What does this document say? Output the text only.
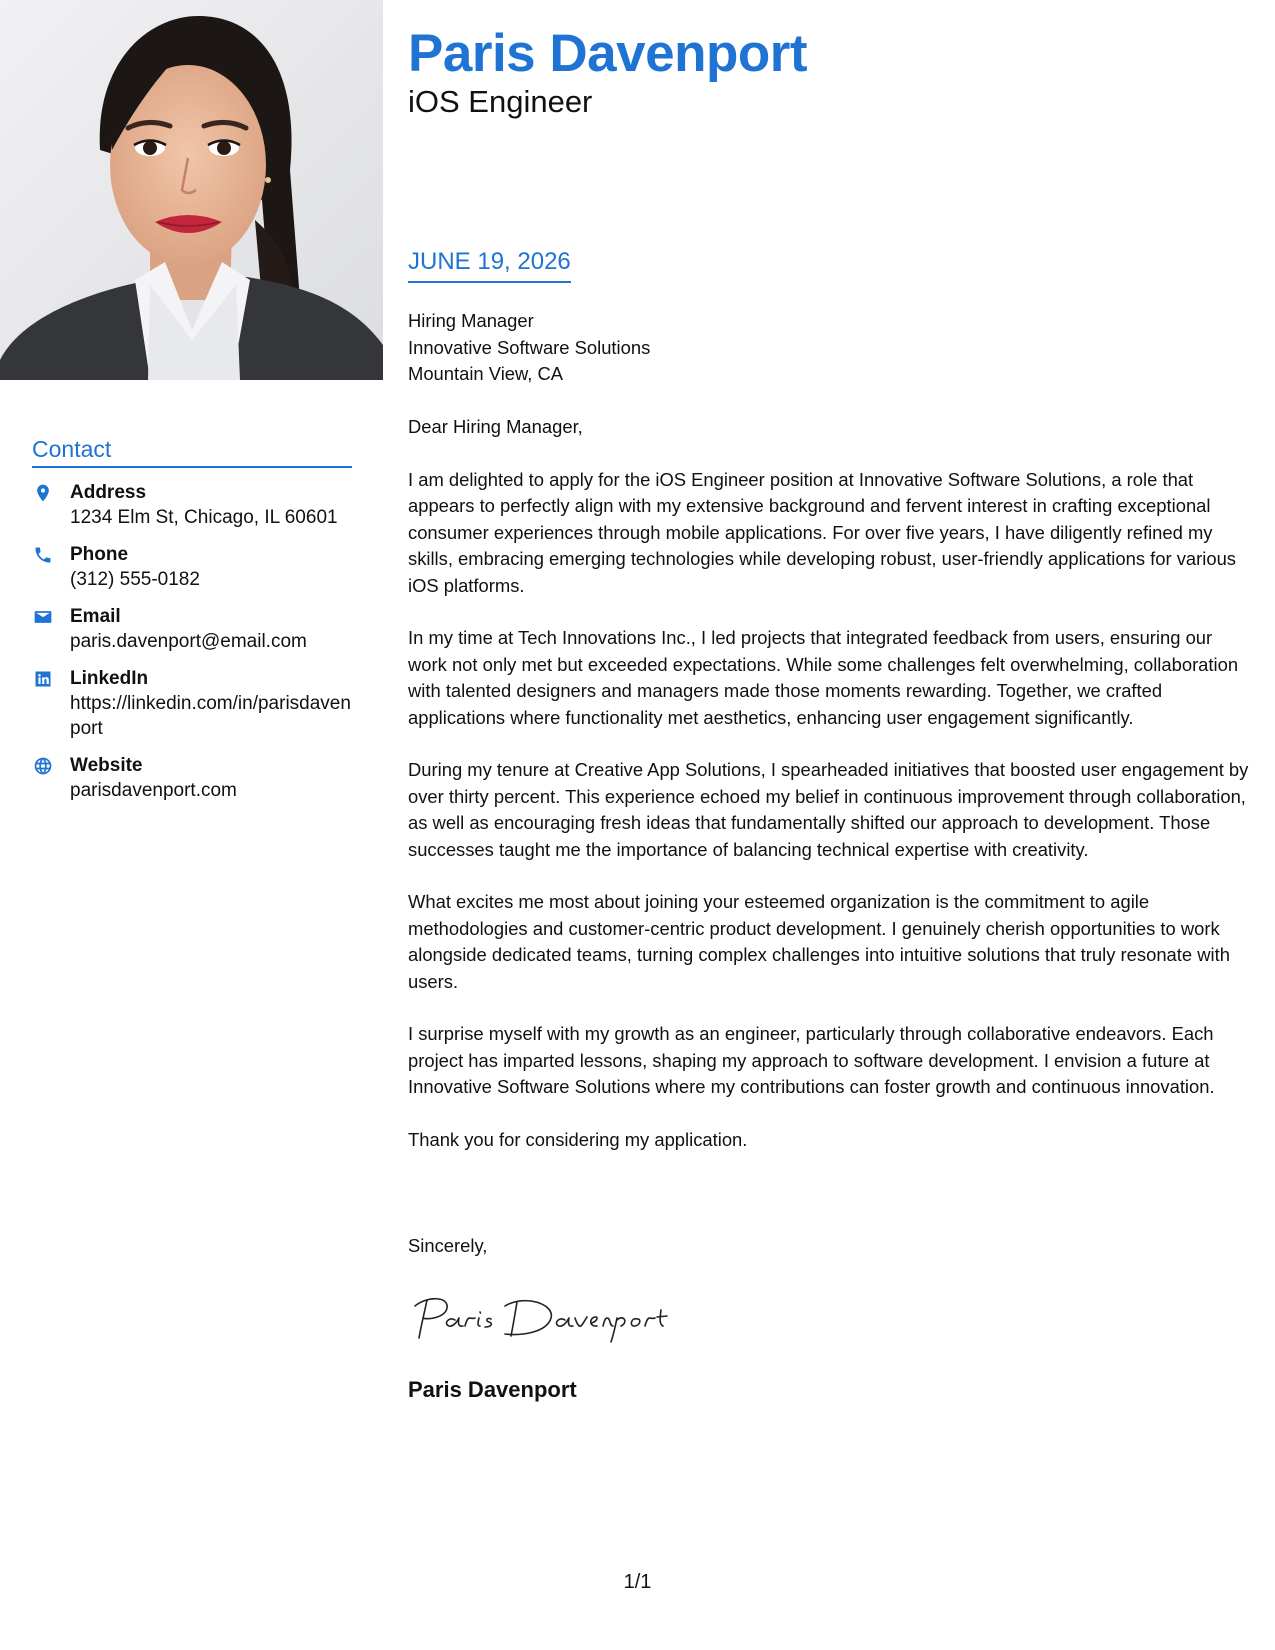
Contact
Address
1234 Elm St, Chicago, IL 60601
Phone
(312) 555-0182
Email
paris.davenport@email.com
LinkedIn
https://linkedin.com/in/parisdavenport
Website
parisdavenport.com
Paris Davenport
iOS Engineer
JUNE 19, 2026
Hiring Manager
Innovative Software Solutions
Mountain View, CA

Dear Hiring Manager,

I am delighted to apply for the iOS Engineer position at Innovative Software Solutions, a role that appears to perfectly align with my extensive background and fervent interest in crafting exceptional consumer experiences through mobile applications. For over five years, I have diligently refined my skills, embracing emerging technologies while developing robust, user-friendly applications for various iOS platforms.

In my time at Tech Innovations Inc., I led projects that integrated feedback from users, ensuring our work not only met but exceeded expectations. While some challenges felt overwhelming, collaboration with talented designers and managers made those moments rewarding. Together, we crafted applications where functionality met aesthetics, enhancing user engagement significantly.

During my tenure at Creative App Solutions, I spearheaded initiatives that boosted user engagement by over thirty percent. This experience echoed my belief in continuous improvement through collaboration, as well as encouraging fresh ideas that fundamentally shifted our approach to development. Those successes taught me the importance of balancing technical expertise with creativity.

What excites me most about joining your esteemed organization is the commitment to agile methodologies and customer-centric product development. I genuinely cherish opportunities to work alongside dedicated teams, turning complex challenges into intuitive solutions that truly resonate with users.

I surprise myself with my growth as an engineer, particularly through collaborative endeavors. Each project has imparted lessons, shaping my approach to software development. I envision a future at Innovative Software Solutions where my contributions can foster growth and continuous innovation.

Thank you for considering my application.

Sincerely,
Paris Davenport
1/1
